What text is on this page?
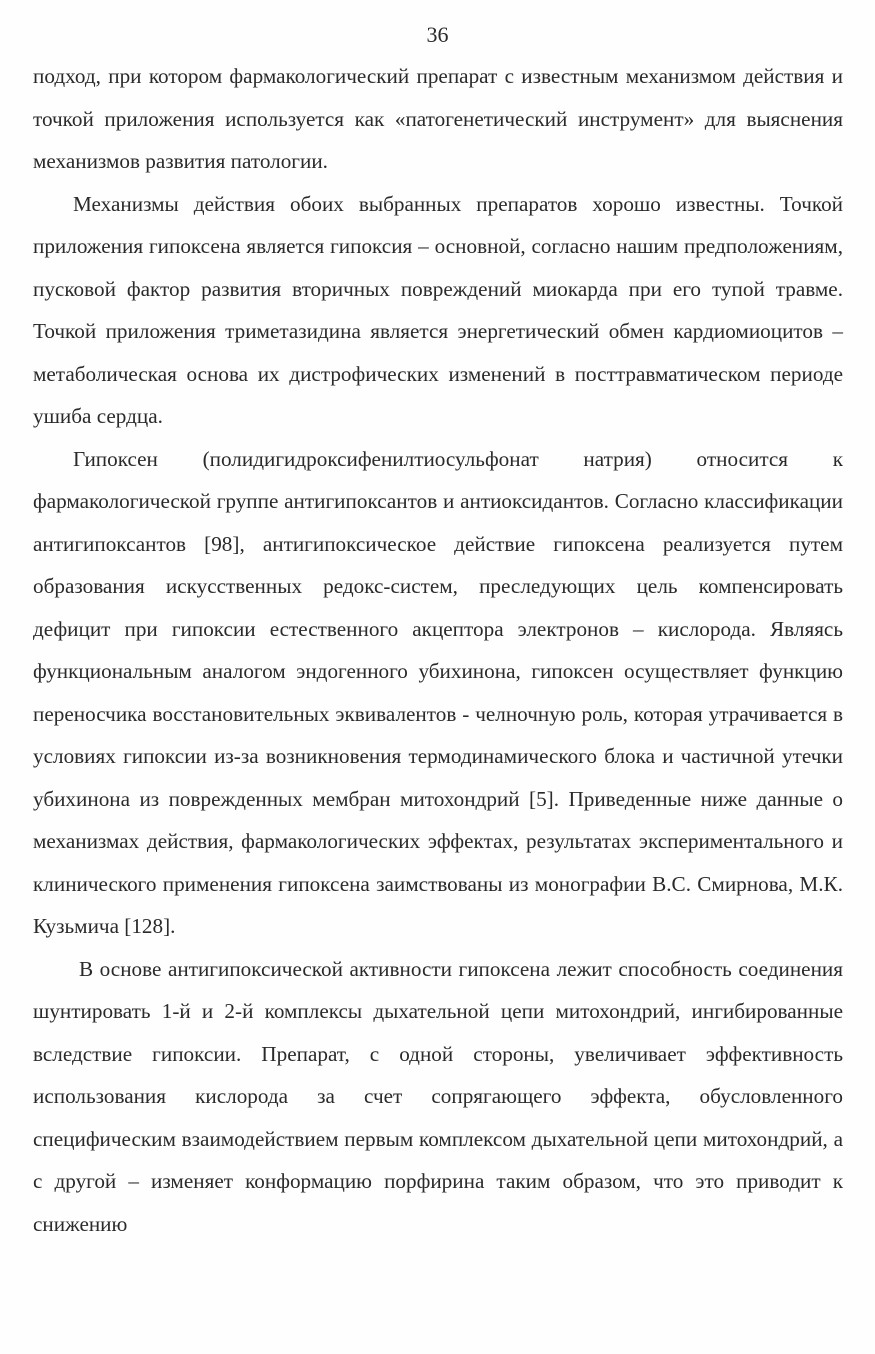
36

подход, при котором фармакологический препарат с известным механизмом действия и точкой приложения используется как «патогенетический инструмент» для выяснения механизмов развития патологии.

Механизмы действия обоих выбранных препаратов хорошо известны. Точкой приложения гипоксена является гипоксия – основной, согласно нашим предположениям, пусковой фактор развития вторичных повреждений миокарда при его тупой травме. Точкой приложения триметазидина является энергетический обмен кардиомиоцитов – метаболическая основа их дистрофических изменений в посттравматическом периоде ушиба сердца.

Гипоксен (полидигидроксифенилтиосульфонат натрия) относится к фармакологической группе антигипоксантов и антиоксидантов. Согласно классификации антигипоксантов [98], антигипоксическое действие гипоксена реализуется путем образования искусственных редокс-систем, преследующих цель компенсировать дефицит при гипоксии естественного акцептора электронов – кислорода. Являясь функциональным аналогом эндогенного убихинона, гипоксен осуществляет функцию переносчика восстановительных эквивалентов - челночную роль, которая утрачивается в условиях гипоксии из-за возникновения термодинамического блока и частичной утечки убихинона из поврежденных мембран митохондрий [5]. Приведенные ниже данные о механизмах действия, фармакологических эффектах, результатах экспериментального и клинического применения гипоксена заимствованы из монографии В.С. Смирнова, М.К. Кузьмича [128].

В основе антигипоксической активности гипоксена лежит способность соединения шунтировать 1-й и 2-й комплексы дыхательной цепи митохондрий, ингибированные вследствие гипоксии. Препарат, с одной стороны, увеличивает эффективность использования кислорода за счет сопрягающего эффекта, обусловленного специфическим взаимодействием первым комплексом дыхательной цепи митохондрий, а с другой – изменяет конформацию порфирина таким образом, что это приводит к снижению
